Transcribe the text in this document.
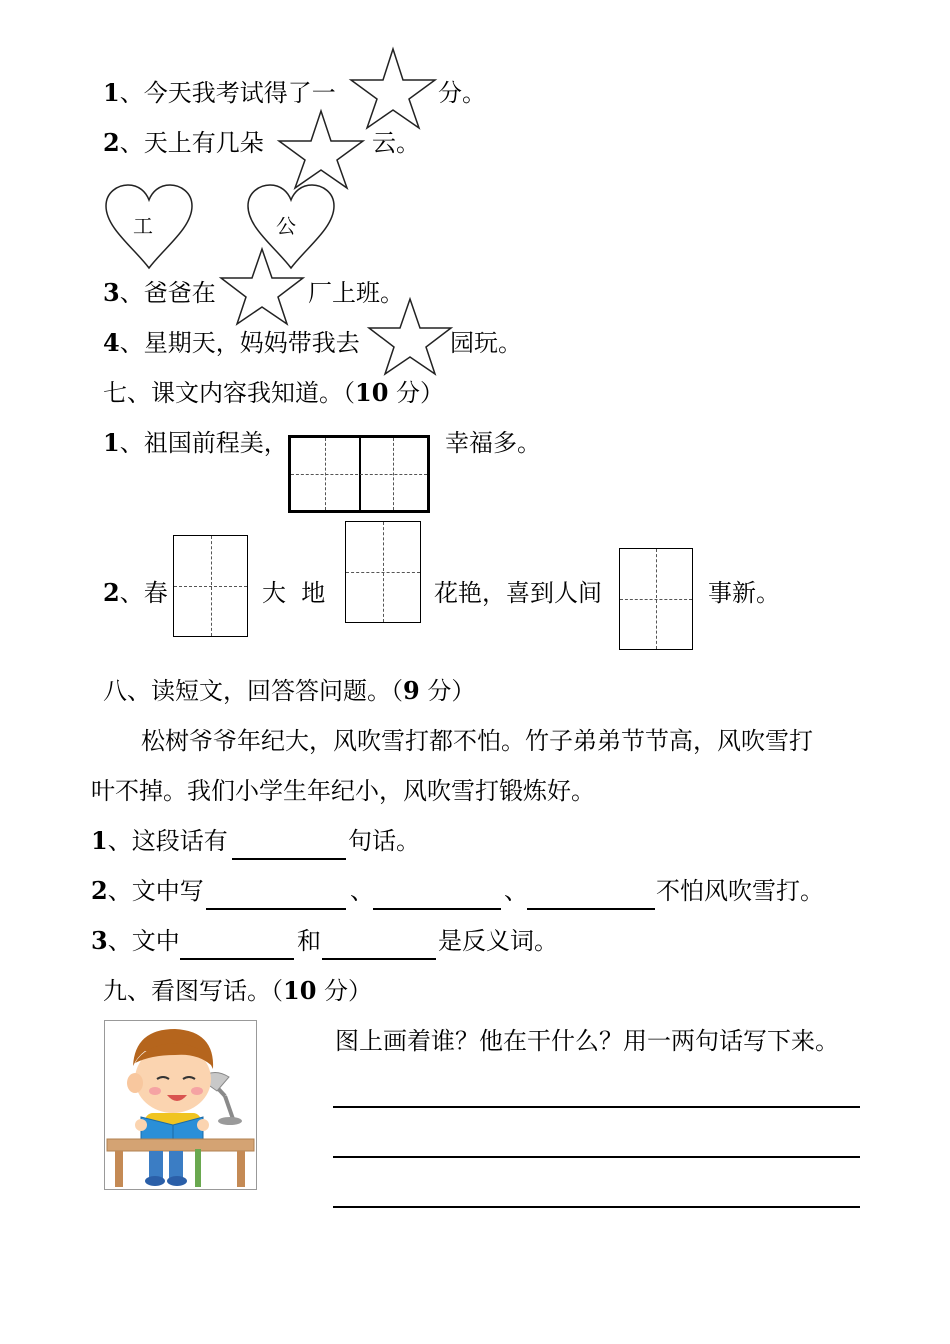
1、今天我考试得了一	分。
2、天上有几朵	云。
工	公
3、爸爸在	厂上班。
4、星期天，妈妈带我去	园玩。
七、课文内容我知道。（10 分）
1、祖国前程美，	幸福多。
2、春	大  地	花艳，喜到人间	事新。
八、读短文，回答答问题。（9 分）
松树爷爷年纪大，风吹雪打都不怕。竹子弟弟节节高，风吹雪打
叶不掉。我们小学生年纪小，风吹雪打锻炼好。
1、这段话有	句话。
2、文中写	、	、	不怕风吹雪打。
3、文中	和	是反义词。
九、看图写话。（10 分）
图上画着谁？他在干什么？用一两句话写下来。
